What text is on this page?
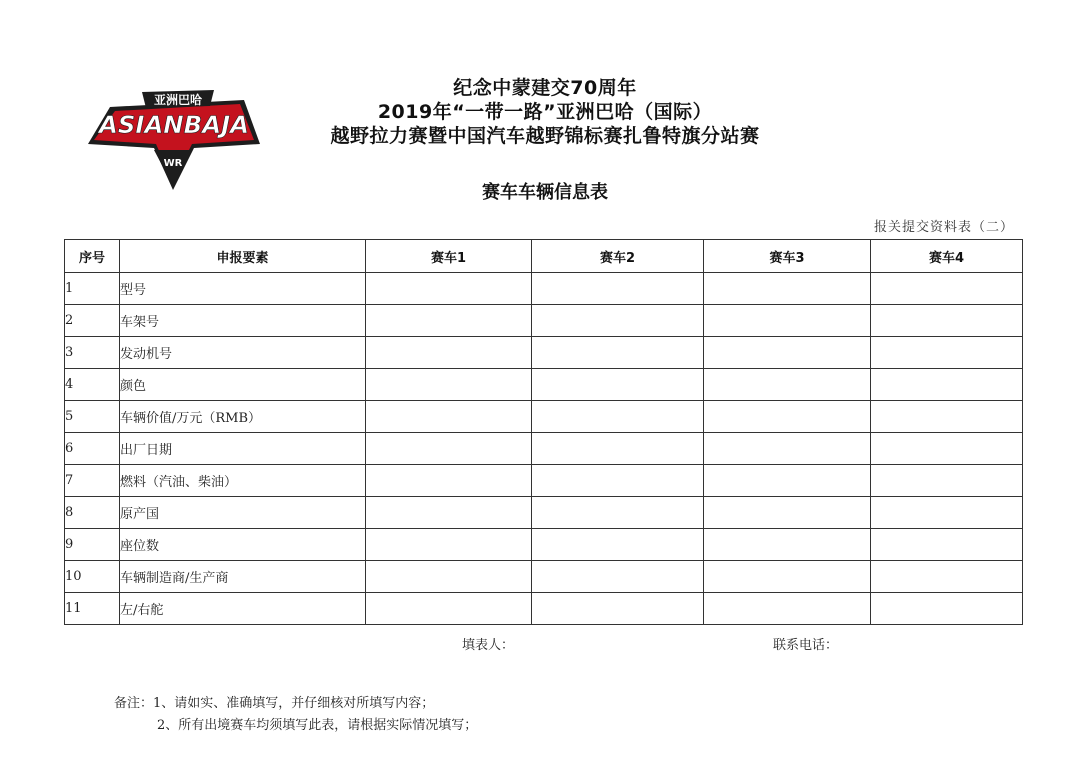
亚洲巴哈
ASIANBAJA
WR
纪念中蒙建交70周年
2019年“一带一路”亚洲巴哈（国际）
越野拉力赛暨中国汽车越野锦标赛扎鲁特旗分站赛
赛车车辆信息表
报关提交资料表（二）
序号	申报要素	赛车1	赛车2	赛车3	赛车4
1	型号				
2	车架号				
3	发动机号				
4	颜色				
5	车辆价值/万元（RMB）				
6	出厂日期				
7	燃料（汽油、柴油）				
8	原产国				
9	座位数				
10	车辆制造商/生产商				
11	左/右舵				
填表人：	联系电话：
备注：1、请如实、准确填写，并仔细核对所填写内容；
2、所有出境赛车均须填写此表，请根据实际情况填写；
